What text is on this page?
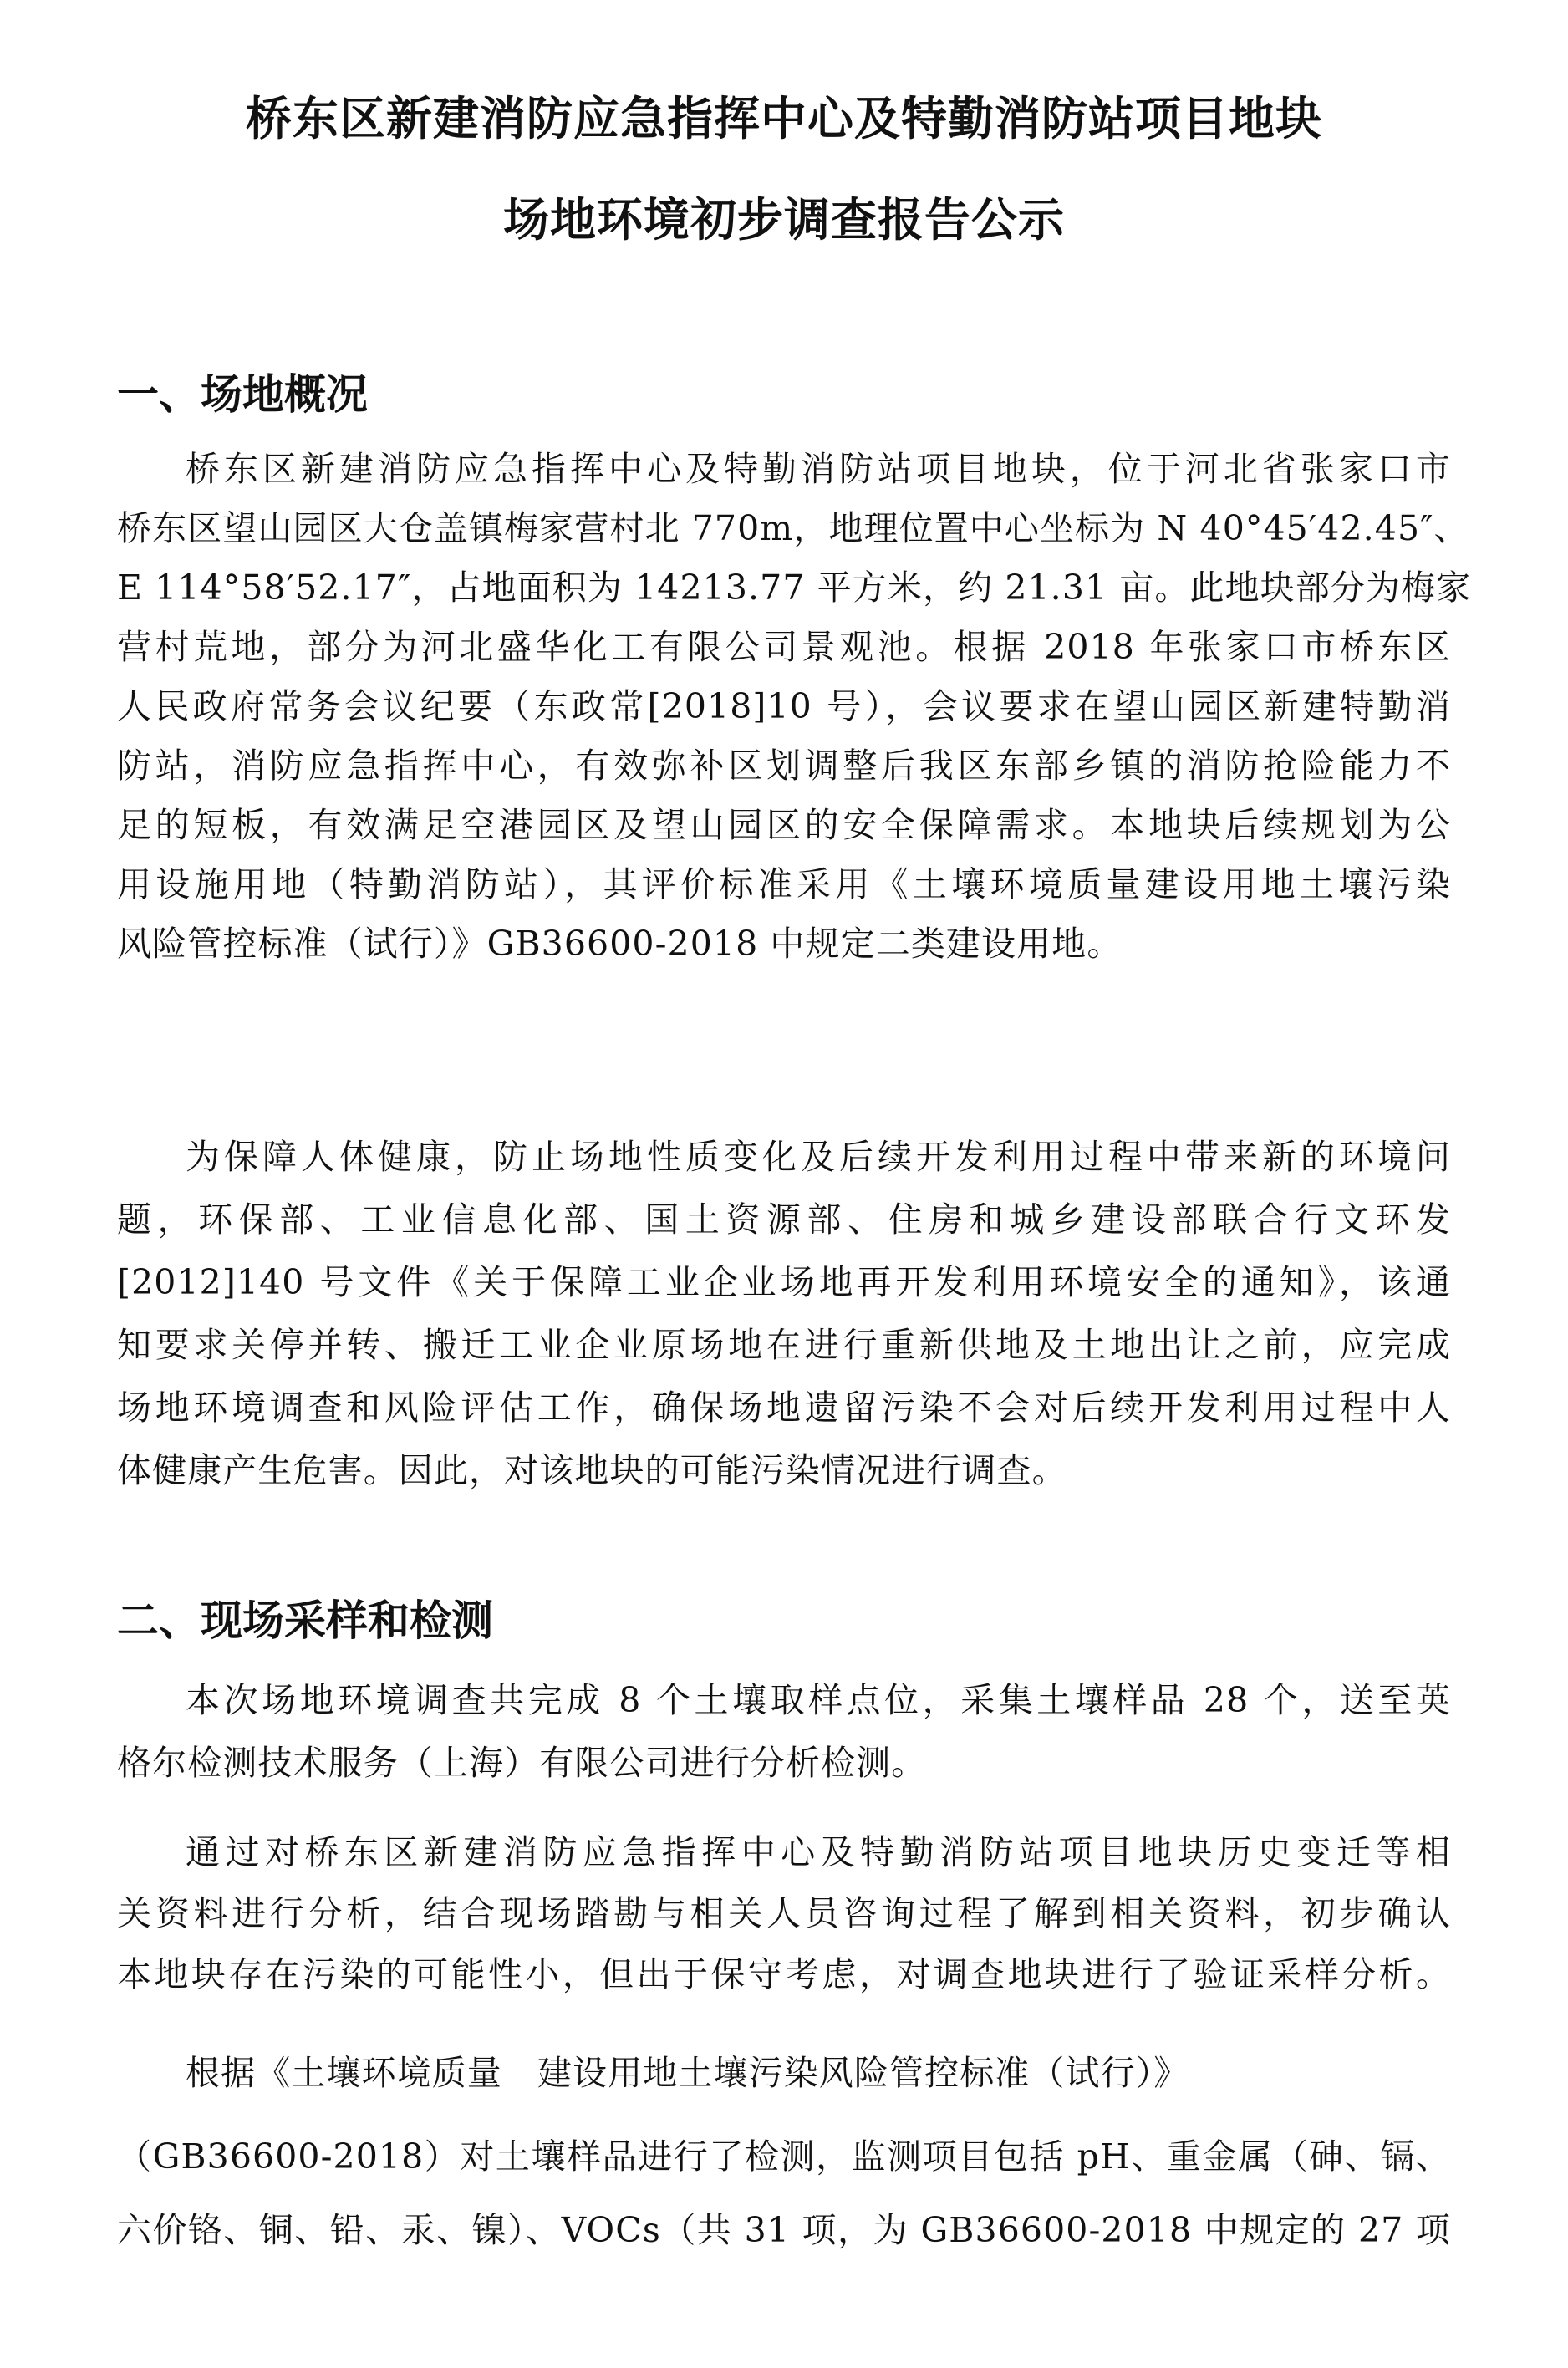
桥东区新建消防应急指挥中心及特勤消防站项目地块
场地环境初步调查报告公示
一、场地概况
桥东区新建消防应急指挥中心及特勤消防站项目地块，位于河北省张家口市
桥东区望山园区大仓盖镇梅家营村北 770m，地理位置中心坐标为 N 40°45′42.45″、
E 114°58′52.17″，占地面积为 14213.77 平方米，约 21.31 亩。此地块部分为梅家
营村荒地，部分为河北盛华化工有限公司景观池。根据 2018 年张家口市桥东区
人民政府常务会议纪要（东政常[2018]10 号），会议要求在望山园区新建特勤消
防站，消防应急指挥中心，有效弥补区划调整后我区东部乡镇的消防抢险能力不
足的短板，有效满足空港园区及望山园区的安全保障需求。本地块后续规划为公
用设施用地（特勤消防站），其评价标准采用《土壤环境质量建设用地土壤污染
风险管控标准（试行）》GB36600-2018 中规定二类建设用地。
为保障人体健康，防止场地性质变化及后续开发利用过程中带来新的环境问
题，环保部、工业信息化部、国土资源部、住房和城乡建设部联合行文环发
[2012]140 号文件《关于保障工业企业场地再开发利用环境安全的通知》，该通
知要求关停并转、搬迁工业企业原场地在进行重新供地及土地出让之前，应完成
场地环境调查和风险评估工作，确保场地遗留污染不会对后续开发利用过程中人
体健康产生危害。因此，对该地块的可能污染情况进行调查。
二、现场采样和检测
本次场地环境调查共完成 8 个土壤取样点位，采集土壤样品 28 个，送至英
格尔检测技术服务（上海）有限公司进行分析检测。
通过对桥东区新建消防应急指挥中心及特勤消防站项目地块历史变迁等相
关资料进行分析，结合现场踏勘与相关人员咨询过程了解到相关资料，初步确认
本地块存在污染的可能性小，但出于保守考虑，对调查地块进行了验证采样分析。
根据《土壤环境质量　建设用地土壤污染风险管控标准（试行）》
（GB36600-2018）对土壤样品进行了检测，监测项目包括 pH、重金属（砷、镉、
六价铬、铜、铅、汞、镍）、VOCs（共 31 项，为 GB36600-2018 中规定的 27 项
